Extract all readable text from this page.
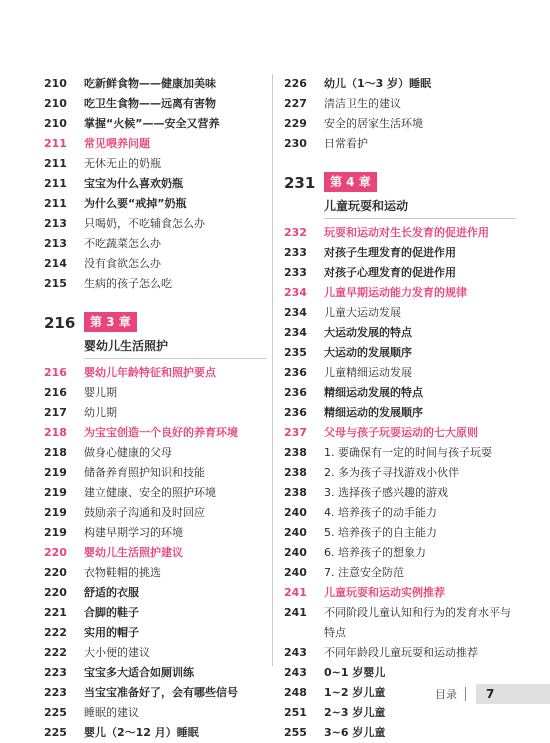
210	吃新鲜食物——健康加美味
210	吃卫生食物——远离有害物
210	掌握“火候”——安全又营养
211	常见喂养问题
211	无休无止的奶瓶
211	宝宝为什么喜欢奶瓶
211	为什么要“戒掉”奶瓶
213	只喝奶，不吃辅食怎么办
213	不吃蔬菜怎么办
214	没有食欲怎么办
215	生病的孩子怎么吃
216	第 3 章
婴幼儿生活照护
216	婴幼儿年龄特征和照护要点
216	婴儿期
217	幼儿期
218	为宝宝创造一个良好的养育环境
218	做身心健康的父母
219	储备养育照护知识和技能
219	建立健康、安全的照护环境
219	鼓励亲子沟通和及时回应
219	构建早期学习的环境
220	婴幼儿生活照护建议
220	衣物鞋帽的挑选
220	舒适的衣服
221	合脚的鞋子
222	实用的帽子
222	大小便的建议
223	宝宝多大适合如厕训练
223	当宝宝准备好了，会有哪些信号
225	睡眠的建议
225	婴儿（2～12 月）睡眠
226	幼儿（1～3 岁）睡眠
227	清洁卫生的建议
229	安全的居家生活环境
230	日常看护
231	第 4 章
儿童玩耍和运动
232	玩耍和运动对生长发育的促进作用
233	对孩子生理发育的促进作用
233	对孩子心理发育的促进作用
234	儿童早期运动能力发育的规律
234	儿童大运动发展
234	大运动发展的特点
235	大运动的发展顺序
236	儿童精细运动发展
236	精细运动发展的特点
236	精细运动的发展顺序
237	父母与孩子玩耍运动的七大原则
238	1. 要确保有一定的时间与孩子玩耍
238	2. 多为孩子寻找游戏小伙伴
238	3. 选择孩子感兴趣的游戏
240	4. 培养孩子的动手能力
240	5. 培养孩子的自主能力
240	6. 培养孩子的想象力
240	7. 注意安全防范
241	儿童玩耍和运动实例推荐
241	不同阶段儿童认知和行为的发育水平与特点
243	不同年龄段儿童玩耍和运动推荐
243	0~1 岁婴儿
248	1~2 岁儿童
251	2~3 岁儿童
255	3~6 岁儿童
目录	7
